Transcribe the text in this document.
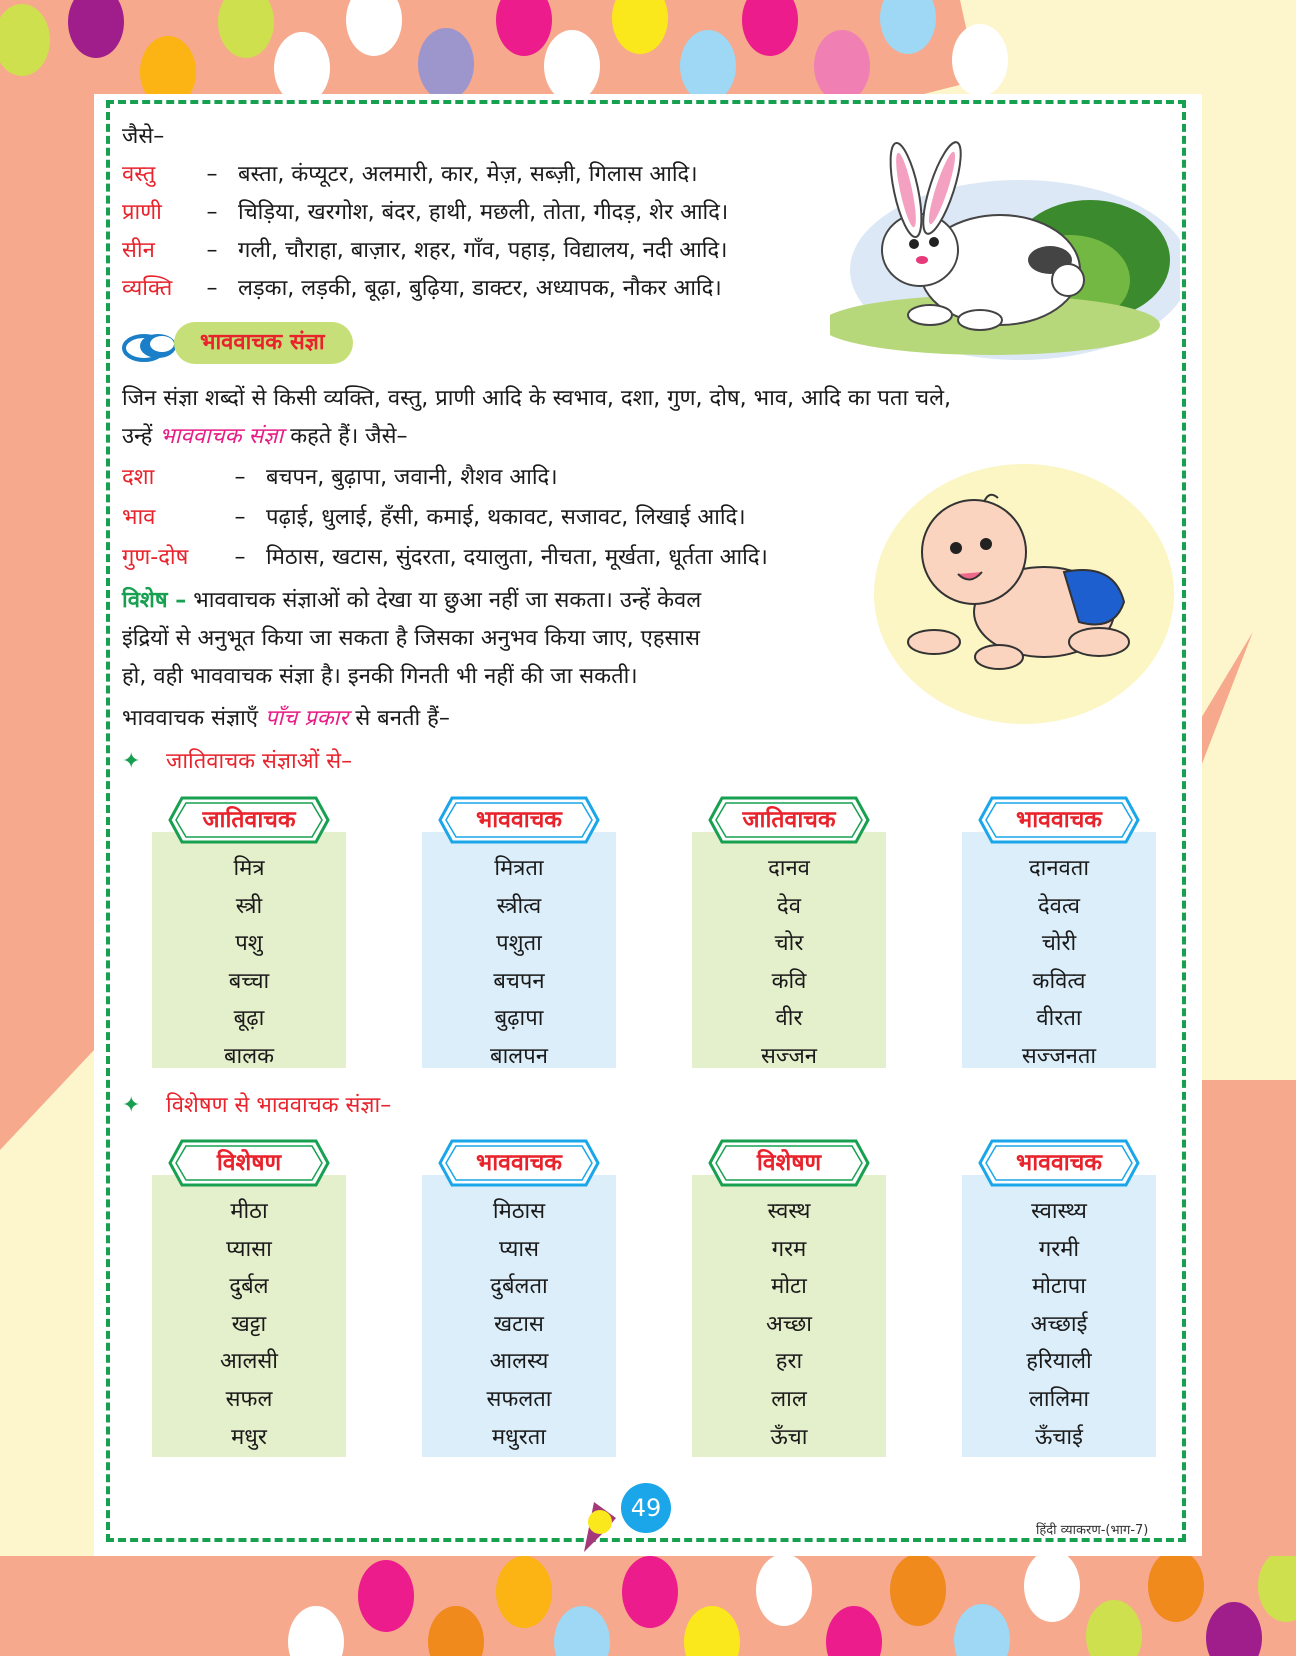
जैसे–
वस्तु – बस्ता, कंप्यूटर, अलमारी, कार, मेज़, सब्ज़ी, गिलास आदि।
प्राणी – चिड़िया, खरगोश, बंदर, हाथी, मछली, तोता, गीदड़, शेर आदि।
सीन – गली, चौराहा, बाज़ार, शहर, गाँव, पहाड़, विद्यालय, नदी आदि।
व्यक्ति – लड़का, लड़की, बूढ़ा, बुढ़िया, डाक्टर, अध्यापक, नौकर आदि।
भाववाचक संज्ञा
जिन संज्ञा शब्दों से किसी व्यक्ति, वस्तु, प्राणी आदि के स्वभाव, दशा, गुण, दोष, भाव, आदि का पता चले,
उन्हें भाववाचक संज्ञा कहते हैं। जैसे–
दशा	– बचपन, बुढ़ापा, जवानी, शैशव आदि।
भाव	– पढ़ाई, धुलाई, हँसी, कमाई, थकावट, सजावट, लिखाई आदि।
गुण-दोष – मिठास, खटास, सुंदरता, दयालुता, नीचता, मूर्खता, धूर्तता आदि।
विशेष – भाववाचक संज्ञाओं को देखा या छुआ नहीं जा सकता। उन्हें केवल
इंद्रियों से अनुभूत किया जा सकता है जिसका अनुभव किया जाए, एहसास
हो, वही भाववाचक संज्ञा है। इनकी गिनती भी नहीं की जा सकती।
भाववाचक संज्ञाएँ पाँच प्रकार से बनती हैं–
✦ जातिवाचक संज्ञाओं से–
जातिवाचक
मित्र
स्त्री
पशु
बच्चा
बूढ़ा
बालक
भाववाचक
मित्रता
स्त्रीत्व
पशुता
बचपन
बुढ़ापा
बालपन
जातिवाचक
दानव
देव
चोर
कवि
वीर
सज्जन
भाववाचक
दानवता
देवत्व
चोरी
कवित्व
वीरता
सज्जनता
✦ विशेषण से भाववाचक संज्ञा–
विशेषण
मीठा
प्यासा
दुर्बल
खट्टा
आलसी
सफल
मधुर
भाववाचक
मिठास
प्यास
दुर्बलता
खटास
आलस्य
सफलता
मधुरता
विशेषण
स्वस्थ
गरम
मोटा
अच्छा
हरा
लाल
ऊँचा
भाववाचक
स्वास्थ्य
गरमी
मोटापा
अच्छाई
हरियाली
लालिमा
ऊँचाई
49
हिंदी व्याकरण-(भाग-7)
